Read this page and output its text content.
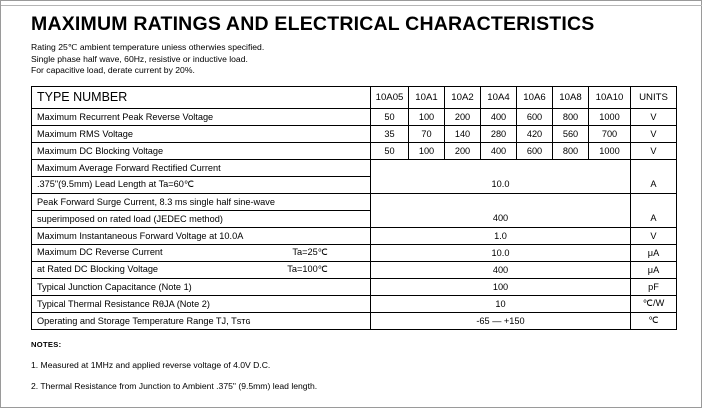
MAXIMUM RATINGS AND ELECTRICAL CHARACTERISTICS
Rating 25℃ ambient temperature uniess otherwies specified.
Single phase half wave, 60Hz, resistive or inductive load.
For capacitive load, derate current by 20%.
TYPE NUMBER	10A05	10A1	10A2	10A4	10A6	10A8	10A10	UNITS
Maximum Recurrent Peak Reverse Voltage	50	100	200	400	600	800	1000	V
Maximum RMS Voltage	35	70	140	280	420	560	700	V
Maximum DC Blocking Voltage	50	100	200	400	600	800	1000	V
Maximum Average Forward Rectified Current								
.375"(9.5mm) Lead Length at Ta=60℃	10.0							A
Peak Forward Surge Current, 8.3 ms single half sine-wave								
superimposed on rated load (JEDEC method)	400							A
Maximum Instantaneous Forward Voltage at 10.0A	1.0							V

Maximum DC Reverse Current Ta=25℃	10.0							μA

at Rated DC Blocking Voltage Ta=100℃	400							μA
Typical Junction Capacitance (Note 1)	100							pF
Typical Thermal Resistance RθJA (Note 2)	10							℃/W
Operating and Storage Temperature Range TJ, Tѕтɢ	-65 — +150							℃
NOTES:
1. Measured at 1MHz and applied reverse voltage of 4.0V D.C.
2. Thermal Resistance from Junction to Ambient .375" (9.5mm) lead length.
